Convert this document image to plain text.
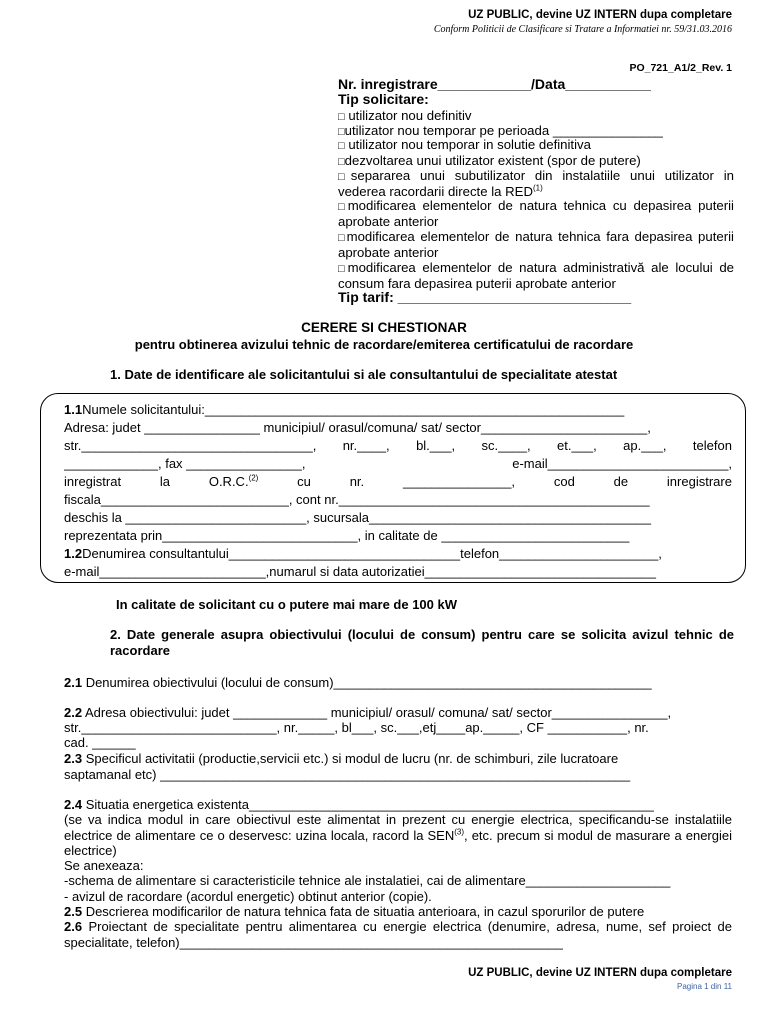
UZ PUBLIC, devine UZ INTERN dupa completare
Conform Politicii de Clasificare si Tratare a Informatiei nr. 59/31.03.2016
PO_721_A1/2_Rev. 1
Nr. inregistrare____________/Data___________
Tip solicitare:
□ utilizator nou definitiv
□utilizator nou temporar pe perioada _______________
□ utilizator nou temporar in solutie definitiva
□dezvoltarea unui utilizator existent (spor de putere)
□separarea unui subutilizator din instalatiile unui utilizator in vederea racordarii directe la RED$^{(1)}$
□modificarea elementelor de natura tehnica cu depasirea puterii aprobate anterior
□modificarea elementelor de natura tehnica fara depasirea puterii aprobate anterior
□modificarea elementelor de natura administrativă ale locului de consum fara depasirea puterii aprobate anterior
Tip tarif: ______________________________
CERERE SI CHESTIONAR
pentru obtinerea avizului tehnic de racordare/emiterea certificatului de racordare
1. Date de identificare ale solicitantului si ale consultantului de specialitate atestat
1.1Numele solicitantului:__________________________________________________________
Adresa: judet ________________ municipiul/ orasul/comuna/ sat/ sector_______________________,
str.________________________________, nr.____, bl.___, sc.____, et.___, ap.___, telefon
_____________, fax ________________,	e-mail_________________________,
inregistrat	la	O.R.C.$^{(2)}$	cu	nr.	_______________,	cod	de	inregistrare
fiscala__________________________, cont nr.___________________________________________
deschis la _________________________, sucursala_______________________________________
reprezentata prin___________________________, in calitate de __________________________
1.2Denumirea consultantului________________________________telefon______________________,
e-mail_______________________,numarul si data autorizatiei________________________________
In calitate de solicitant cu o putere mai mare de 100 kW
2. Date generale asupra obiectivului (locului de consum) pentru care se solicita avizul tehnic de racordare
2.1 Denumirea obiectivului (locului de consum)____________________________________________
2.2 Adresa obiectivului: judet _____________ municipiul/ orasul/ comuna/ sat/ sector________________,
str.___________________________, nr._____, bl___, sc.___,etj____ap._____, CF ___________, nr.
cad. ______
2.3 Specificul activitatii (productie,servicii etc.) si modul de lucru (nr. de schimburi, zile lucratoare
saptamanal etc) _________________________________________________________________
2.4 Situatia energetica existenta________________________________________________________
(se va indica modul in care obiectivul este alimentat in prezent cu energie electrica, specificandu-se instalatiile electrice de alimentare ce o deservesc: uzina locala, racord la SEN$^{(3)}$, etc. precum si modul de masurare a energiei electrice)
Se anexeaza:
-schema de alimentare si caracteristicile tehnice ale instalatiei, cai de alimentare____________________
- avizul de racordare (acordul energetic) obtinut anterior (copie).
2.5 Descrierea modificarilor de natura tehnica fata de situatia anterioara, in cazul sporurilor de putere
2.6 Proiectant de specialitate pentru alimentarea cu energie electrica (denumire, adresa, nume, sef proiect de specialitate, telefon)_____________________________________________________
UZ PUBLIC, devine UZ INTERN dupa completare
Pagina 1 din 11
